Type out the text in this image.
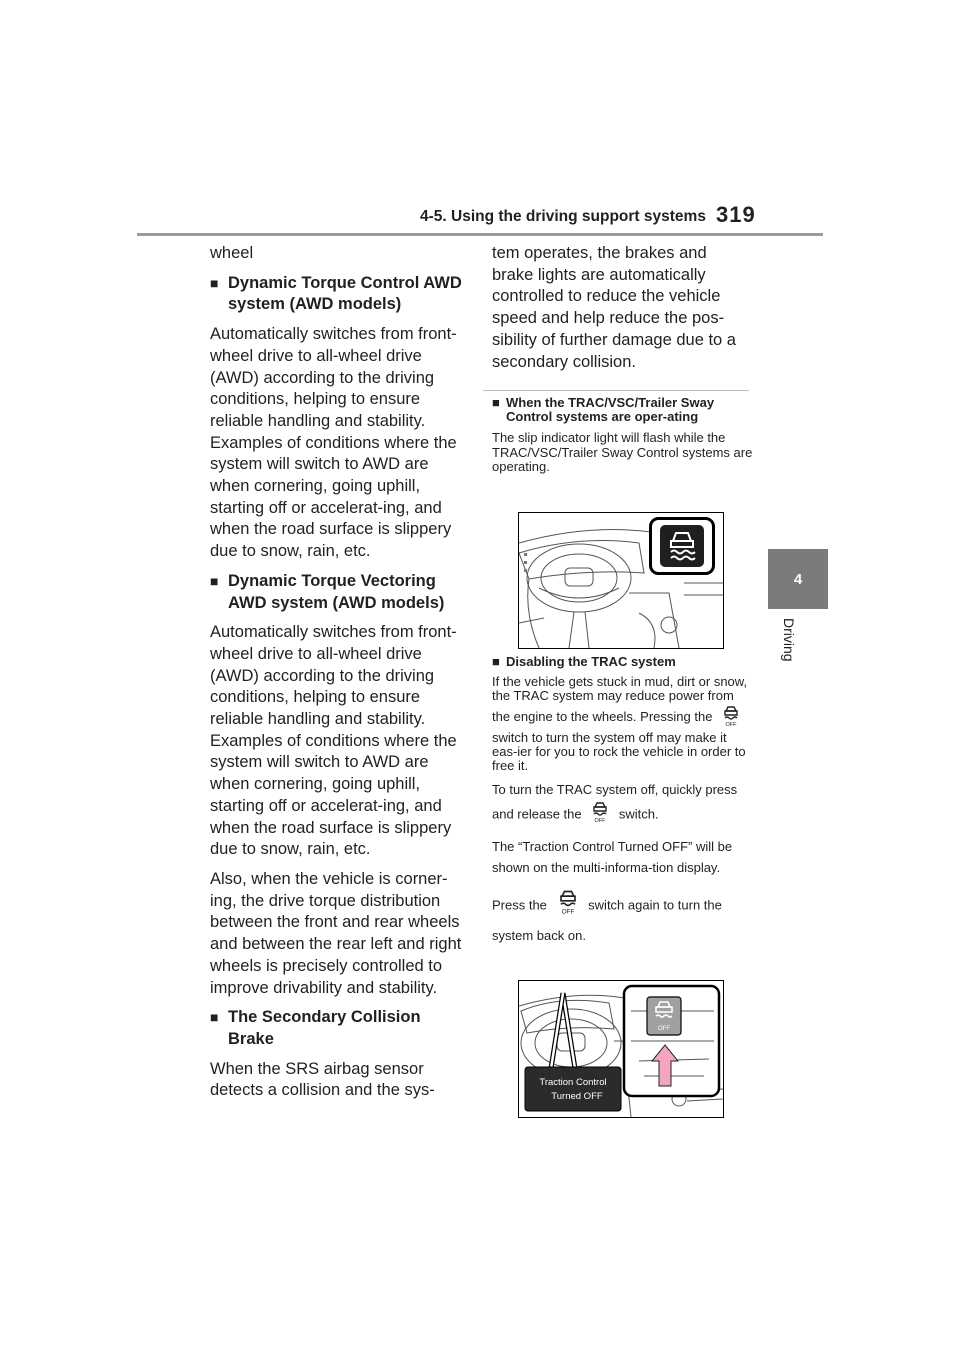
4-5. Using the driving support systems 319
4
Driving

wheel

■ Dynamic Torque Control AWD system (AWD models)

Automatically switches from front-wheel drive to all-wheel drive (AWD) according to the driving conditions, helping to ensure reliable handling and stability. Examples of conditions where the system will switch to AWD are when cornering, going uphill, starting off or accelerat-ing, and when the road surface is slippery due to snow, rain, etc.

■ Dynamic Torque Vectoring AWD system (AWD models)

Automatically switches from front-wheel drive to all-wheel drive (AWD) according to the driving conditions, helping to ensure reliable handling and stability. Examples of conditions where the system will switch to AWD are when cornering, going uphill, starting off or accelerat-ing, and when the road surface is slippery due to snow, rain, etc.

Also, when the vehicle is corner-ing, the drive torque distribution between the front and rear wheels and between the rear left and right wheels is precisely controlled to improve drivability and stability.

■ The Secondary Collision Brake

When the SRS airbag sensor detects a collision and the sys-

tem operates, the brakes and brake lights are automatically controlled to reduce the vehicle speed and help reduce the pos-sibility of further damage due to a secondary collision.

■ When the TRAC/VSC/Trailer Sway Control systems are oper-ating

The slip indicator light will flash while the TRAC/VSC/Trailer Sway Control systems are operating.

■ Disabling the TRAC system

If the vehicle gets stuck in mud, dirt or snow, the TRAC system may reduce power from the engine to the wheels. Pressing the
OFF
switch to turn the system off may make it eas-ier for you to rock the vehicle in order to free it.

To turn the TRAC system off, quickly press and release the OFF switch.

The “Traction Control Turned OFF” will be shown on the multi-informa-tion display.

Press the	OFF switch again to turn the system back on.

OFF
Traction Control
Turned OFF
